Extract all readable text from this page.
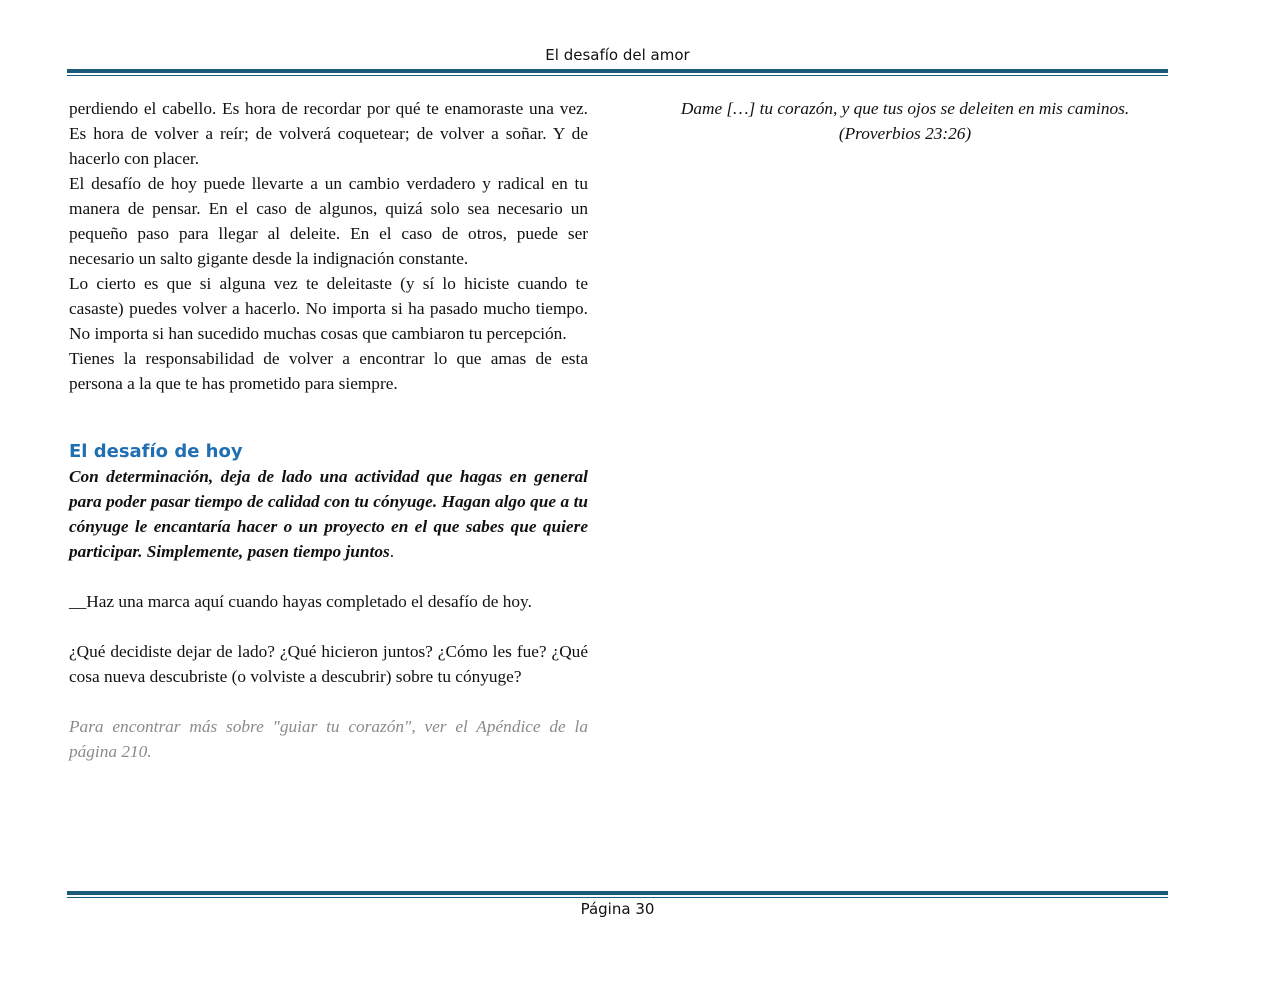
El desafío del amor

perdiendo el cabello. Es hora de recordar por qué te enamoraste una vez. Es hora de volver a reír; de volverá coquetear; de volver a soñar. Y de hacerlo con placer.

El desafío de hoy puede llevarte a un cambio verdadero y radical en tu manera de pensar. En el caso de algunos, quizá solo sea necesario un pequeño paso para llegar al deleite. En el caso de otros, puede ser necesario un salto gigante desde la indignación constante.

Lo cierto es que si alguna vez te deleitaste (y sí lo hiciste cuando te casaste) puedes volver a hacerlo. No importa si ha pasado mucho tiempo. No importa si han sucedido muchas cosas que cambiaron tu percepción.

Tienes la responsabilidad de volver a encontrar lo que amas de esta persona a la que te has prometido para siempre.

El desafío de hoy

Con determinación, deja de lado una actividad que hagas en general para poder pasar tiempo de calidad con tu cónyuge. Hagan algo que a tu cónyuge le encantaría hacer o un proyecto en el que sabes que quiere participar. Simplemente, pasen tiempo juntos.

__Haz una marca aquí cuando hayas completado el desafío de hoy.

¿Qué decidiste dejar de lado? ¿Qué hicieron juntos? ¿Cómo les fue? ¿Qué cosa nueva descubriste (o volviste a descubrir) sobre tu cónyuge?

Para encontrar más sobre "guiar tu corazón", ver el Apéndice de la página 210.

Dame […] tu corazón, y que tus ojos se deleiten en mis caminos.

(Proverbios 23:26)

Página 30
